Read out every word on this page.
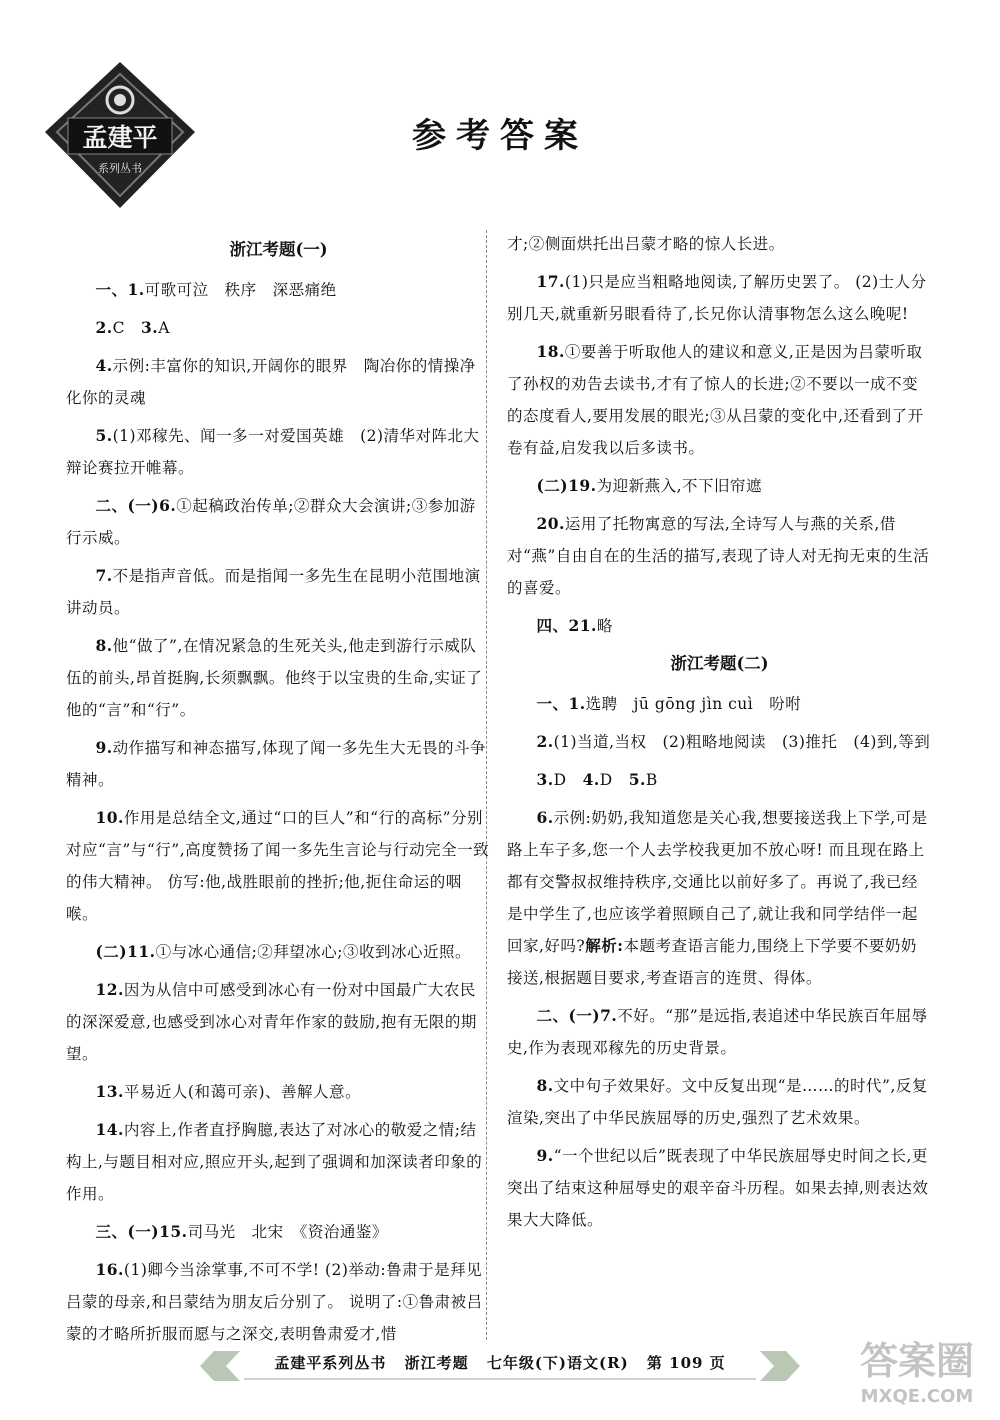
孟建平
系列丛书
参考答案
浙江考题(一)
一、1.可歌可泣　秩序　深恶痛绝
2.C　3.A
4.示例:丰富你的知识,开阔你的眼界　陶冶你的情操净化你的灵魂
5.(1)邓稼先、闻一多一对爱国英雄　(2)清华对阵北大辩论赛拉开帷幕。
二、(一)6.①起稿政治传单;②群众大会演讲;③参加游行示威。
7.不是指声音低。而是指闻一多先生在昆明小范围地演讲动员。
8.他“做了”,在情况紧急的生死关头,他走到游行示威队伍的前头,昂首挺胸,长须飘飘。他终于以宝贵的生命,实证了他的“言”和“行”。
9.动作描写和神态描写,体现了闻一多先生大无畏的斗争精神。
10.作用是总结全文,通过“口的巨人”和“行的高标”分别对应“言”与“行”,高度赞扬了闻一多先生言论与行动完全一致的伟大精神。 仿写:他,战胜眼前的挫折;他,扼住命运的咽喉。
(二)11.①与冰心通信;②拜望冰心;③收到冰心近照。
12.因为从信中可感受到冰心有一份对中国最广大农民的深深爱意,也感受到冰心对青年作家的鼓励,抱有无限的期望。
13.平易近人(和蔼可亲)、善解人意。
14.内容上,作者直抒胸臆,表达了对冰心的敬爱之情;结构上,与题目相对应,照应开头,起到了强调和加深读者印象的作用。
三、(一)15.司马光　北宋　《资治通鉴》
16.(1)卿今当涂掌事,不可不学! (2)举动:鲁肃于是拜见吕蒙的母亲,和吕蒙结为朋友后分别了。 说明了:①鲁肃被吕蒙的才略所折服而愿与之深交,表明鲁肃爱才,惜
才;②侧面烘托出吕蒙才略的惊人长进。
17.(1)只是应当粗略地阅读,了解历史罢了。 (2)士人分别几天,就重新另眼看待了,长兄你认清事物怎么这么晚呢!
18.①要善于听取他人的建议和意义,正是因为吕蒙听取了孙权的劝告去读书,才有了惊人的长进;②不要以一成不变的态度看人,要用发展的眼光;③从吕蒙的变化中,还看到了开卷有益,启发我以后多读书。
(二)19.为迎新燕入,不下旧帘遮
20.运用了托物寓意的写法,全诗写人与燕的关系,借对“燕”自由自在的生活的描写,表现了诗人对无拘无束的生活的喜爱。
四、21.略
浙江考题(二)
一、1.选聘　jū gōng jìn cuì　吩咐
2.(1)当道,当权　(2)粗略地阅读　(3)推托　(4)到,等到
3.D　4.D　5.B
6.示例:奶奶,我知道您是关心我,想要接送我上下学,可是路上车子多,您一个人去学校我更加不放心呀! 而且现在路上都有交警叔叔维持秩序,交通比以前好多了。再说了,我已经是中学生了,也应该学着照顾自己了,就让我和同学结伴一起回家,好吗?解析:本题考查语言能力,围绕上下学要不要奶奶接送,根据题目要求,考查语言的连贯、得体。
二、(一)7.不好。“那”是远指,表追述中华民族百年屈辱史,作为表现邓稼先的历史背景。
8.文中句子效果好。文中反复出现“是……的时代”,反复渲染,突出了中华民族屈辱的历史,强烈了艺术效果。
9.“一个世纪以后”既表现了中华民族屈辱史时间之长,更突出了结束这种屈辱史的艰辛奋斗历程。如果去掉,则表达效果大大降低。
孟建平系列丛书 浙江考题 七年级(下)语文(R) 第 109 页	答案圈
MXQE.COM
